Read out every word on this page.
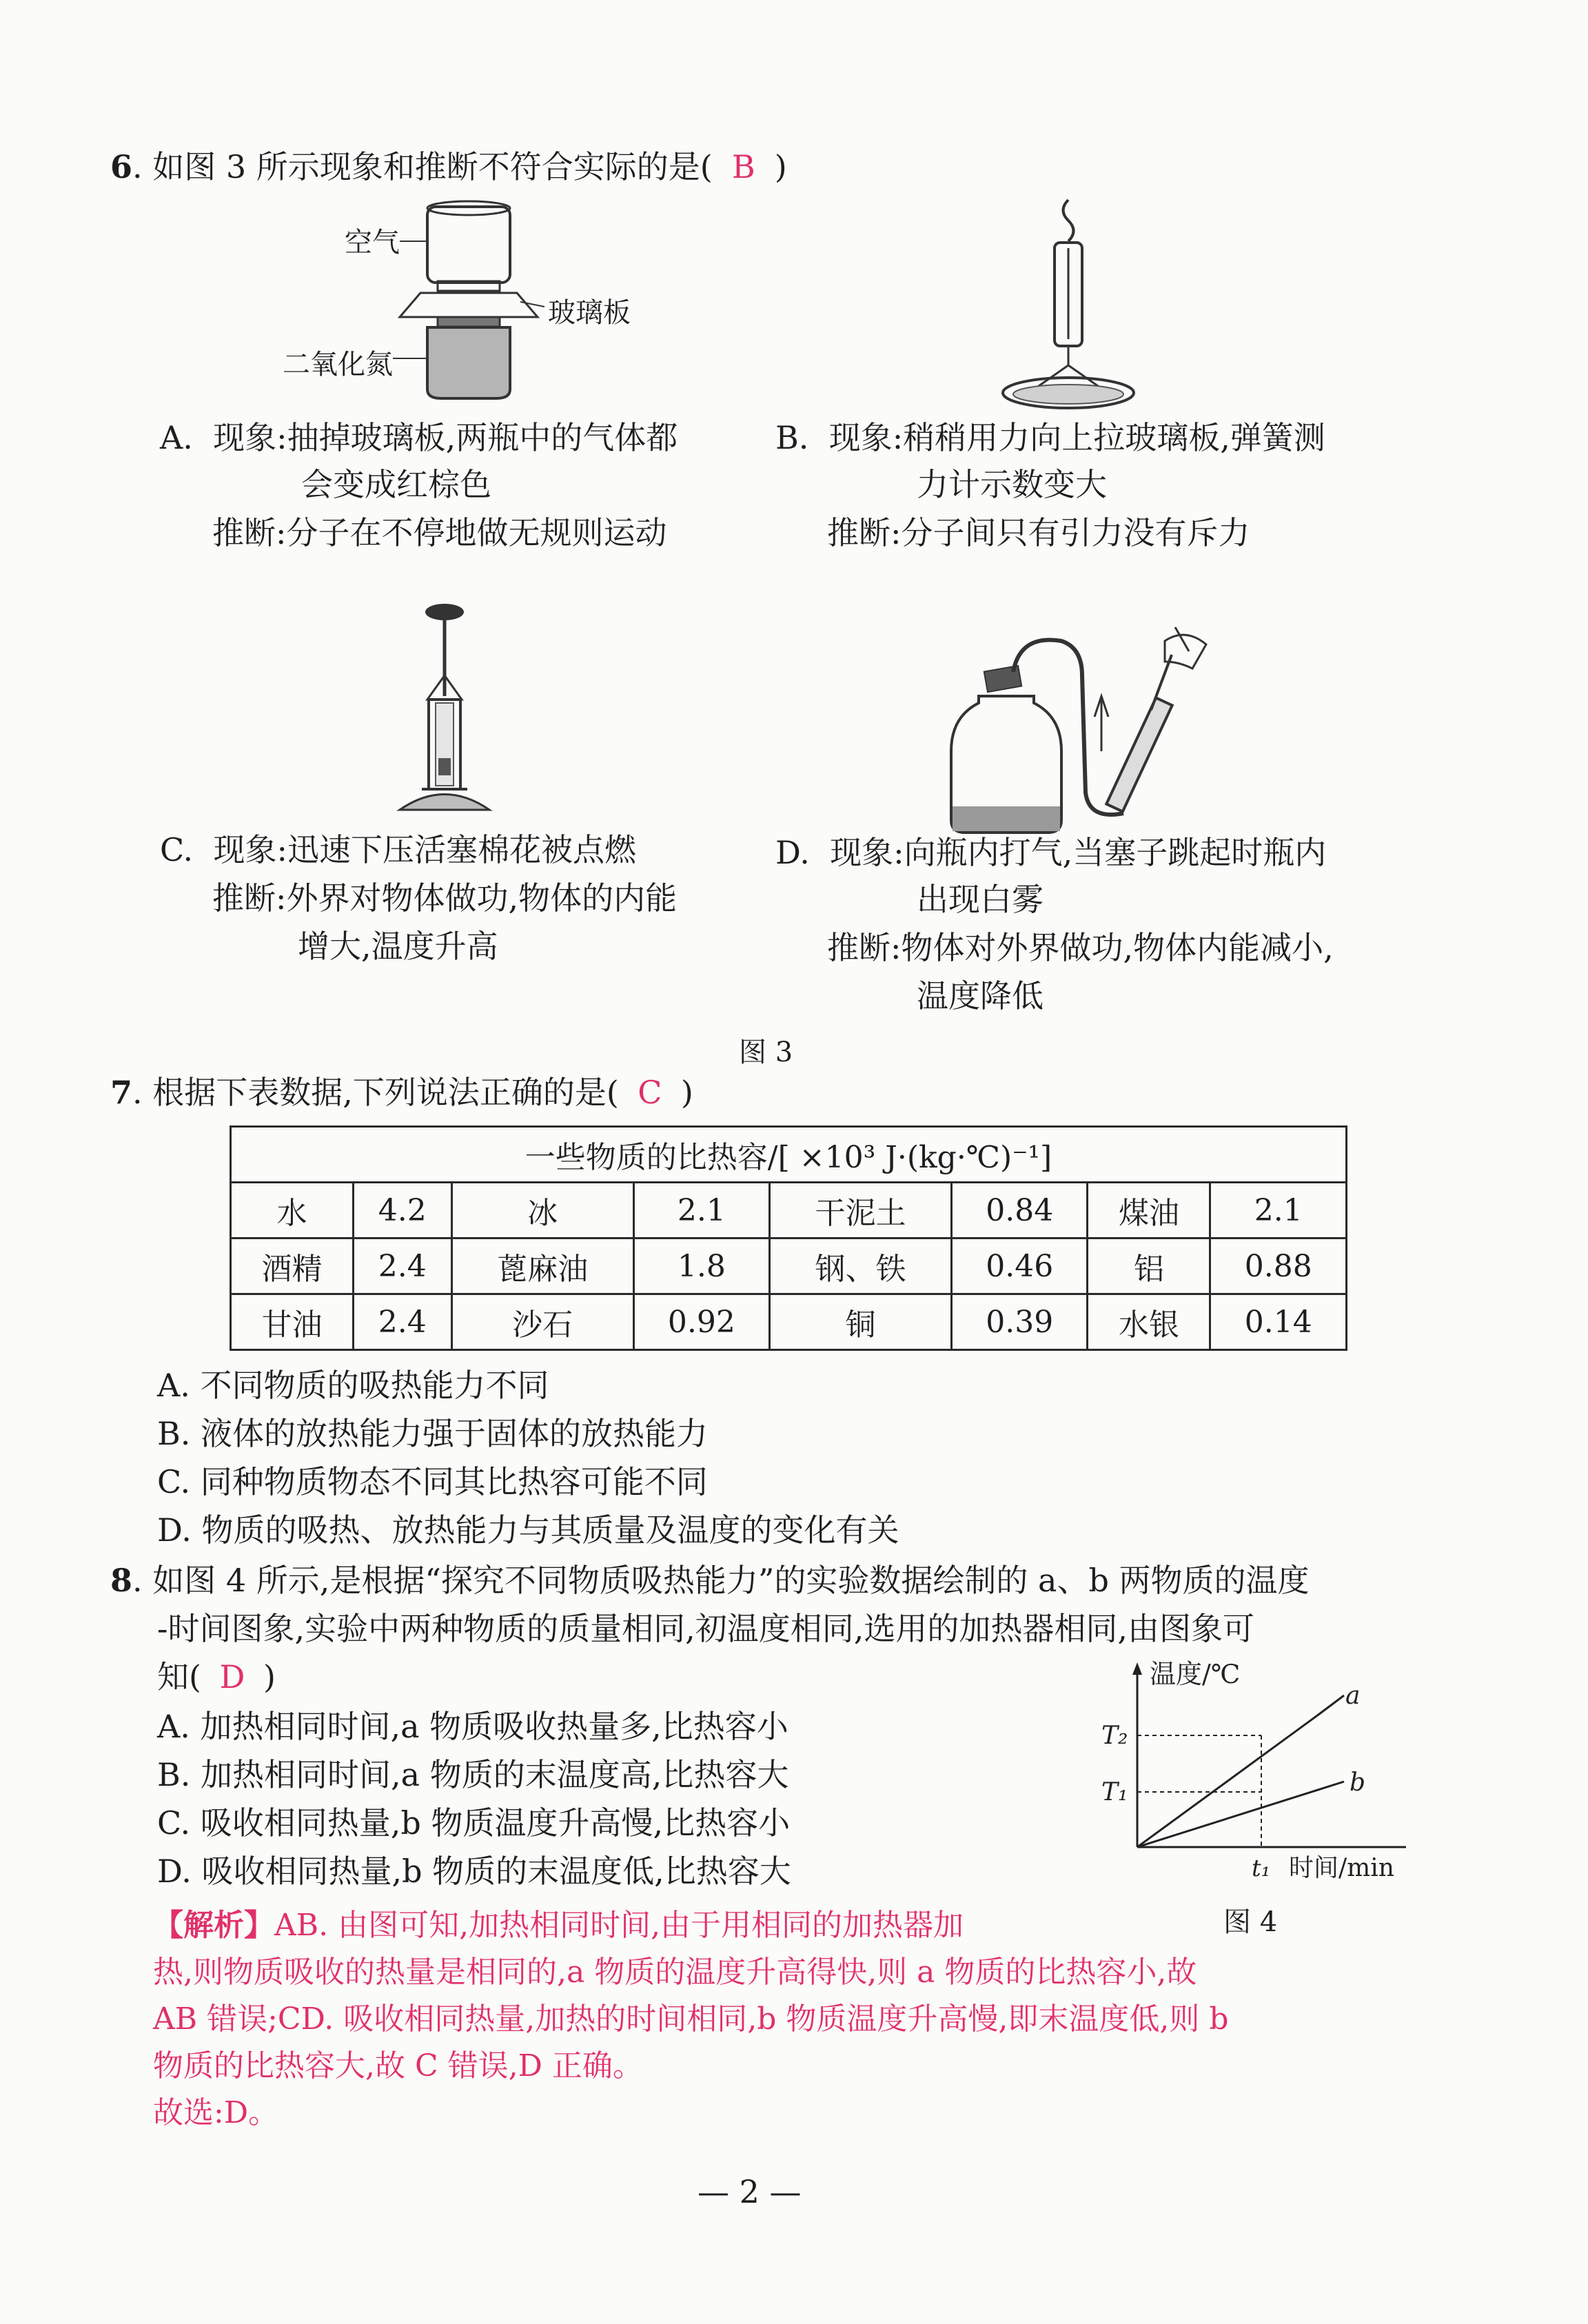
6. 如图 3 所示现象和推断不符合实际的是( B )
空气
玻璃板
二氧化氮
A. 现象:抽掉玻璃板,两瓶中的气体都
会变成红棕色
推断:分子在不停地做无规则运动
B. 现象:稍稍用力向上拉玻璃板,弹簧测
力计示数变大
推断:分子间只有引力没有斥力
C. 现象:迅速下压活塞棉花被点燃
推断:外界对物体做功,物体的内能
增大,温度升高
D. 现象:向瓶内打气,当塞子跳起时瓶内
出现白雾
推断:物体对外界做功,物体内能减小,
温度降低
图 3
7. 根据下表数据,下列说法正确的是( C )
一些物质的比热容/[ ×10³ J·(kg·℃)⁻¹]							
水	4.2	冰	2.1	干泥土	0.84	煤油	2.1
酒精	2.4	蓖麻油	1.8	钢、铁	0.46	铝	0.88
甘油	2.4	沙石	0.92	铜	0.39	水银	0.14
A. 不同物质的吸热能力不同
B. 液体的放热能力强于固体的放热能力
C. 同种物质物态不同其比热容可能不同
D. 物质的吸热、放热能力与其质量及温度的变化有关
8. 如图 4 所示,是根据“探究不同物质吸热能力”的实验数据绘制的 a、b 两物质的温度
-时间图象,实验中两种物质的质量相同,初温度相同,选用的加热器相同,由图象可
知( D )
A. 加热相同时间,a 物质吸收热量多,比热容小
B. 加热相同时间,a 物质的末温度高,比热容大
C. 吸收相同热量,b 物质温度升高慢,比热容小
D. 吸收相同热量,b 物质的末温度低,比热容大
温度/℃
a
b
T₂
T₁
t₁ 时间/min
图 4
【解析】AB. 由图可知,加热相同时间,由于用相同的加热器加
热,则物质吸收的热量是相同的,a 物质的温度升高得快,则 a 物质的比热容小,故
AB 错误;CD. 吸收相同热量,加热的时间相同,b 物质温度升高慢,即末温度低,则 b
物质的比热容大,故 C 错误,D 正确。
故选:D。
— 2 —
